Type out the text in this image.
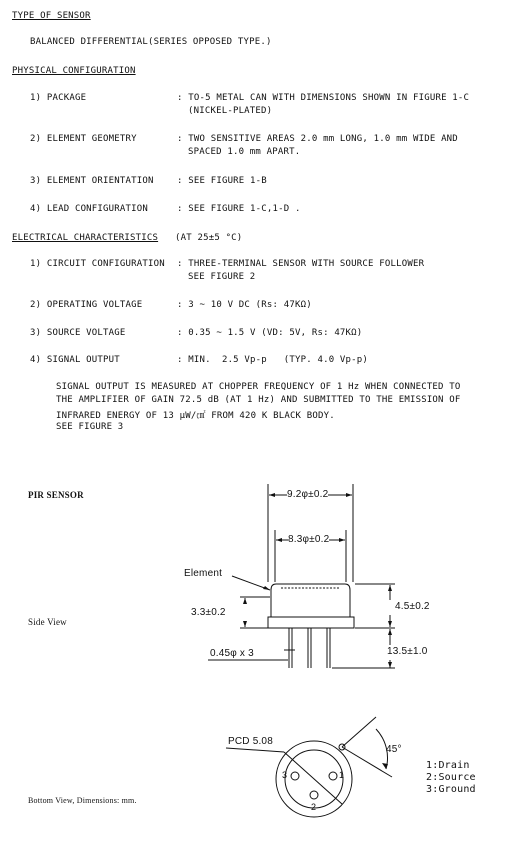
TYPE OF SENSOR
BALANCED DIFFERENTIAL(SERIES OPPOSED TYPE.)
PHYSICAL CONFIGURATION
1) PACKAGE	: TO-5 METAL CAN WITH DIMENSIONS SHOWN IN FIGURE 1-C
(NICKEL-PLATED)
2) ELEMENT GEOMETRY	: TWO SENSITIVE AREAS 2.0 mm LONG, 1.0 mm WIDE AND
SPACED 1.0 mm APART.
3) ELEMENT ORIENTATION	: SEE FIGURE 1-B
4) LEAD CONFIGURATION	: SEE FIGURE 1-C,1-D .
ELECTRICAL CHARACTERISTICS (AT 25±5 °C)
1) CIRCUIT CONFIGURATION : THREE-TERMINAL SENSOR WITH SOURCE FOLLOWER
SEE FIGURE 2
2) OPERATING VOLTAGE	: 3 ~ 10 V DC (Rs: 47KΩ)
3) SOURCE VOLTAGE	: 0.35 ~ 1.5 V (VD: 5V, Rs: 47KΩ)
4) SIGNAL OUTPUT	: MIN.  2.5 Vp-p   (TYP. 4.0 Vp-p)
SIGNAL OUTPUT IS MEASURED AT CHOPPER FREQUENCY OF 1 Hz WHEN CONNECTED TO
THE AMPLIFIER OF GAIN 72.5 dB (AT 1 Hz) AND SUBMITTED TO THE EMISSION OF
INFRARED ENERGY OF 13 μW/㎠ FROM 420 K BLACK BODY.
SEE FIGURE 3
PIR SENSOR
Side View
Bottom View, Dimensions: mm.
9.2φ±0.2
8.3φ±0.2
Element
3.3±0.2
4.5±0.2
13.5±1.0
0.45φ x 3
PCD 5.08
45°
1
3
2
1:Drain
2:Source
3:Ground
